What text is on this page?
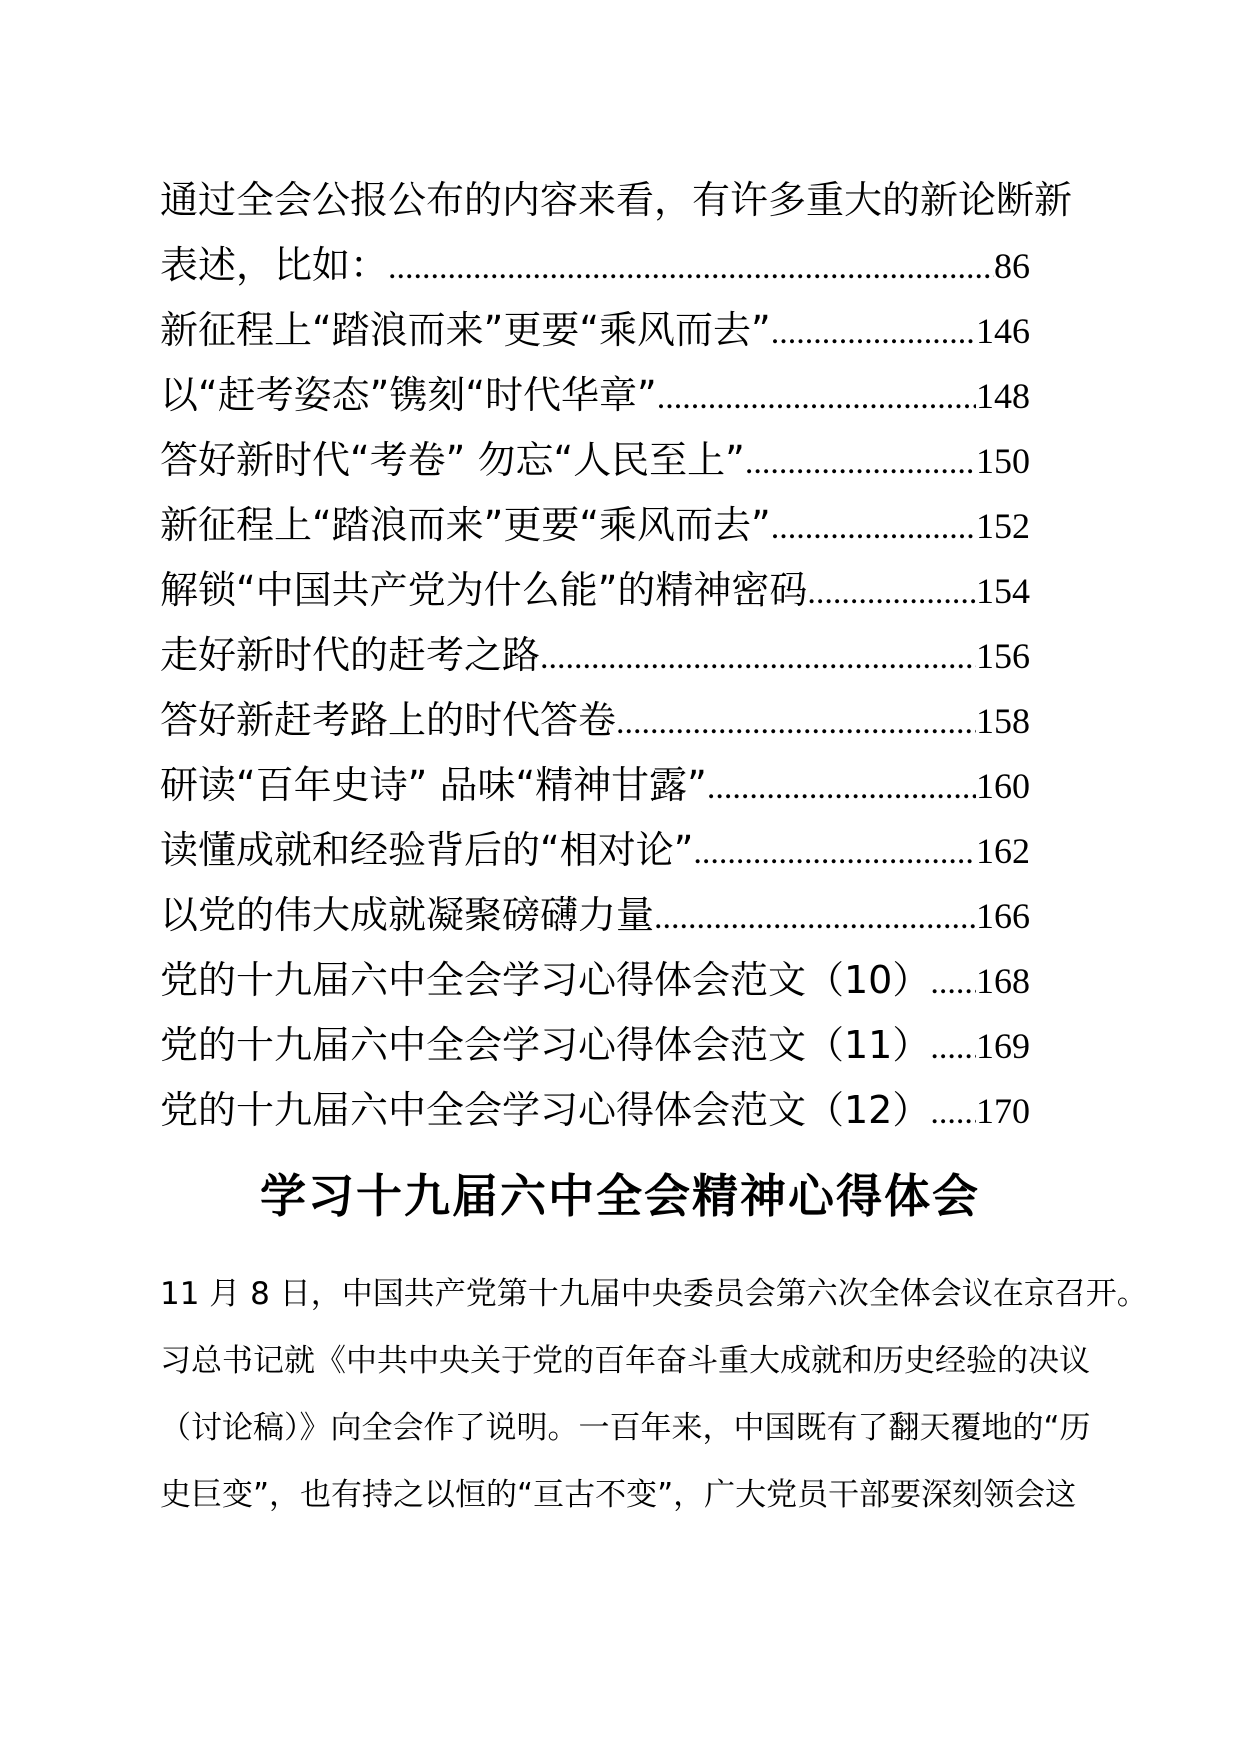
通过全会公报公布的内容来看，有许多重大的新论断新
表述，比如： .....	86
新征程上“踏浪而来”更要“乘风而去” .....	146
以“赶考姿态”镌刻“时代华章” .....	148
答好新时代“考卷” 勿忘“人民至上” .....	150
新征程上“踏浪而来”更要“乘风而去” .....	152
解锁“中国共产党为什么能”的精神密码 .....	154
走好新时代的赶考之路 .....	156
答好新赶考路上的时代答卷 .....	158
研读“百年史诗” 品味“精神甘露” .....	160
读懂成就和经验背后的“相对论” .....	162
以党的伟大成就凝聚磅礴力量 .....	166
党的十九届六中全会学习心得体会范文（10） ..... 168
党的十九届六中全会学习心得体会范文（11） ..... 169
党的十九届六中全会学习心得体会范文（12） ..... 170
学习十九届六中全会精神心得体会
11 月 8 日，中国共产党第十九届中央委员会第六次全体会议在京召开。
习总书记就《中共中央关于党的百年奋斗重大成就和历史经验的决议
（讨论稿）》向全会作了说明。一百年来，中国既有了翻天覆地的“历
史巨变”，也有持之以恒的“亘古不变”，广大党员干部要深刻领会这
